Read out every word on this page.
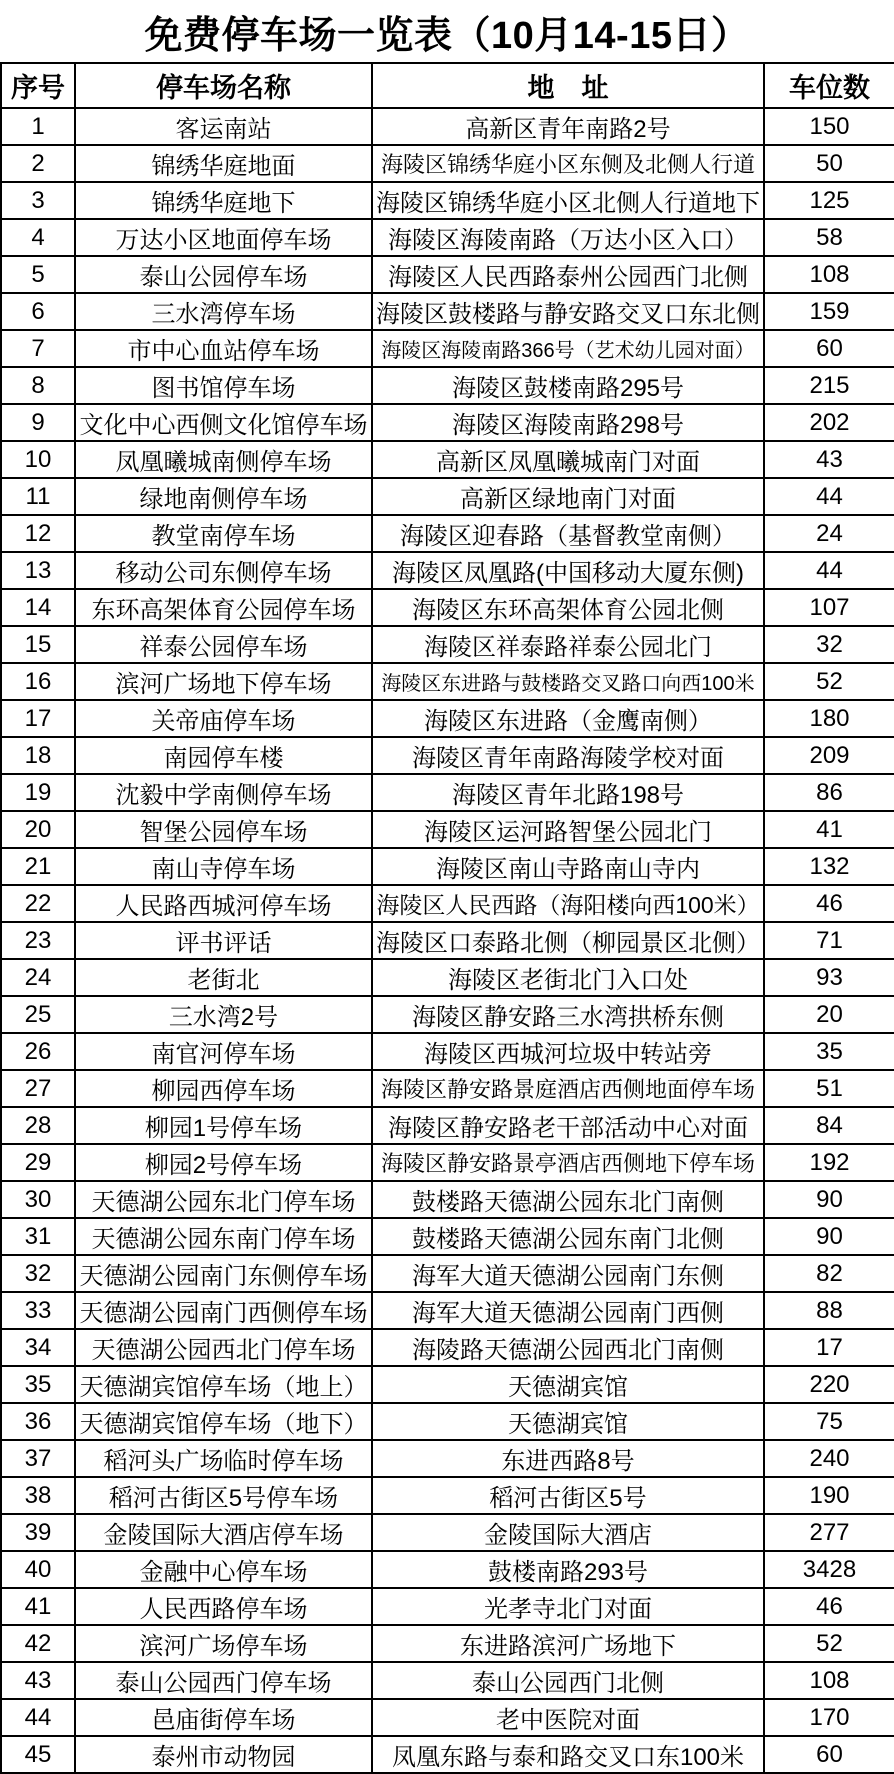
免费停车场一览表（10月14-15日）
序号	停车场名称	地　址	车位数
1	客运南站	高新区青年南路2号	150
2	锦绣华庭地面	海陵区锦绣华庭小区东侧及北侧人行道	50
3	锦绣华庭地下	海陵区锦绣华庭小区北侧人行道地下	125
4	万达小区地面停车场	海陵区海陵南路（万达小区入口）	58
5	泰山公园停车场	海陵区人民西路泰州公园西门北侧	108
6	三水湾停车场	海陵区鼓楼路与静安路交叉口东北侧	159
7	市中心血站停车场	海陵区海陵南路366号（艺术幼儿园对面）	60
8	图书馆停车场	海陵区鼓楼南路295号	215
9	文化中心西侧文化馆停车场	海陵区海陵南路298号	202
10	凤凰曦城南侧停车场	高新区凤凰曦城南门对面	43
11	绿地南侧停车场	高新区绿地南门对面	44
12	教堂南停车场	海陵区迎春路（基督教堂南侧）	24
13	移动公司东侧停车场	海陵区凤凰路(中国移动大厦东侧)	44
14	东环高架体育公园停车场	海陵区东环高架体育公园北侧	107
15	祥泰公园停车场	海陵区祥泰路祥泰公园北门	32
16	滨河广场地下停车场	海陵区东进路与鼓楼路交叉路口向西100米	52
17	关帝庙停车场	海陵区东进路（金鹰南侧）	180
18	南园停车楼	海陵区青年南路海陵学校对面	209
19	沈毅中学南侧停车场	海陵区青年北路198号	86
20	智堡公园停车场	海陵区运河路智堡公园北门	41
21	南山寺停车场	海陵区南山寺路南山寺内	132
22	人民路西城河停车场	海陵区人民西路（海阳楼向西100米）	46
23	评书评话	海陵区口泰路北侧（柳园景区北侧）	71
24	老街北	海陵区老街北门入口处	93
25	三水湾2号	海陵区静安路三水湾拱桥东侧	20
26	南官河停车场	海陵区西城河垃圾中转站旁	35
27	柳园西停车场	海陵区静安路景庭酒店西侧地面停车场	51
28	柳园1号停车场	海陵区静安路老干部活动中心对面	84
29	柳园2号停车场	海陵区静安路景亭酒店西侧地下停车场	192
30	天德湖公园东北门停车场	鼓楼路天德湖公园东北门南侧	90
31	天德湖公园东南门停车场	鼓楼路天德湖公园东南门北侧	90
32	天德湖公园南门东侧停车场	海军大道天德湖公园南门东侧	82
33	天德湖公园南门西侧停车场	海军大道天德湖公园南门西侧	88
34	天德湖公园西北门停车场	海陵路天德湖公园西北门南侧	17
35	天德湖宾馆停车场（地上）	天德湖宾馆	220
36	天德湖宾馆停车场（地下）	天德湖宾馆	75
37	稻河头广场临时停车场	东进西路8号	240
38	稻河古街区5号停车场	稻河古街区5号	190
39	金陵国际大酒店停车场	金陵国际大酒店	277
40	金融中心停车场	鼓楼南路293号	3428
41	人民西路停车场	光孝寺北门对面	46
42	滨河广场停车场	东进路滨河广场地下	52
43	泰山公园西门停车场	泰山公园西门北侧	108
44	邑庙街停车场	老中医院对面	170
45	泰州市动物园	凤凰东路与泰和路交叉口东100米	60
